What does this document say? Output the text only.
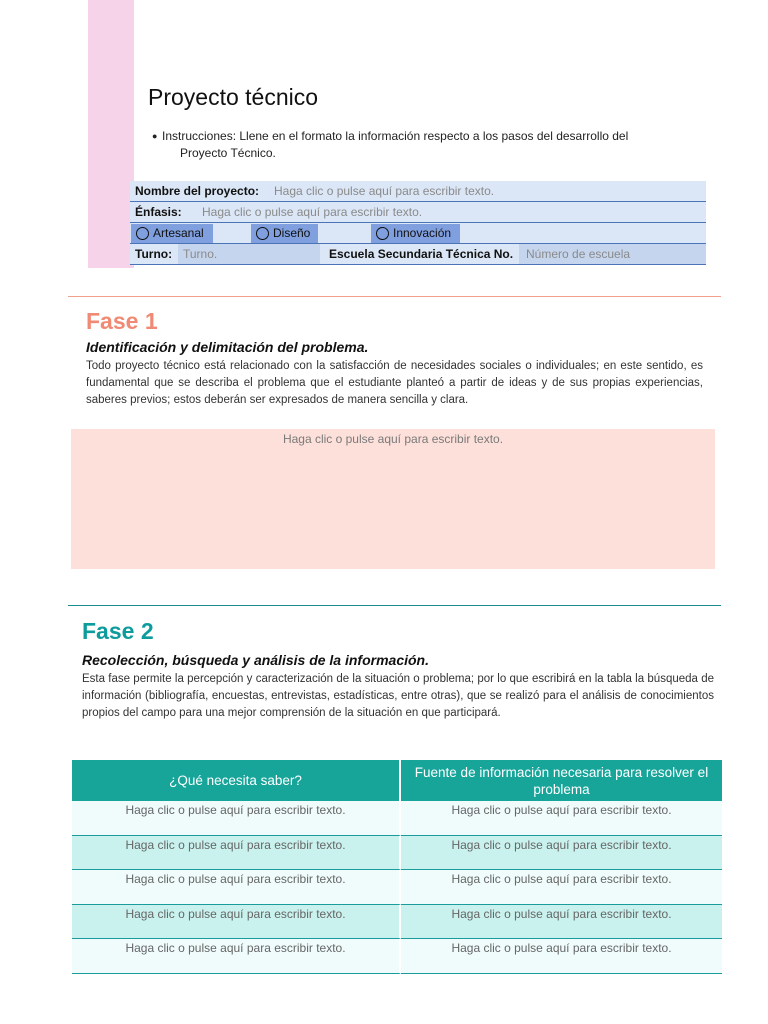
Proyecto técnico
● Instrucciones: Llene en el formato la información respecto a los pasos del desarrollo del
Proyecto Técnico.
Nombre del proyecto: Haga clic o pulse aquí para escribir texto.
Énfasis: Haga clic o pulse aquí para escribir texto.
Artesanal	Diseño	Innovación
Turno: Turno.	Escuela Secundaria Técnica No. Número de escuela
Fase 1
Identificación y delimitación del problema.

Todo proyecto técnico está relacionado con la satisfacción de necesidades sociales o individuales; en este sentido, es fundamental que se describa el problema que el estudiante planteó a partir de ideas y de sus propias experiencias, saberes previos; estos deberán ser expresados de manera sencilla y clara.

Haga clic o pulse aquí para escribir texto.
Fase 2
Recolección, búsqueda y análisis de la información.

Esta fase permite la percepción y caracterización de la situación o problema; por lo que escribirá en la tabla la búsqueda de información (bibliografía, encuestas, entrevistas, estadísticas, entre otras), que se realizó para el análisis de conocimientos propios del campo para una mejor comprensión de la situación en que participará.

¿Qué necesita saber?	Fuente de información necesaria para resolver el problema
Haga clic o pulse aquí para escribir texto.	Haga clic o pulse aquí para escribir texto.
Haga clic o pulse aquí para escribir texto.	Haga clic o pulse aquí para escribir texto.
Haga clic o pulse aquí para escribir texto.	Haga clic o pulse aquí para escribir texto.
Haga clic o pulse aquí para escribir texto.	Haga clic o pulse aquí para escribir texto.
Haga clic o pulse aquí para escribir texto.	Haga clic o pulse aquí para escribir texto.
